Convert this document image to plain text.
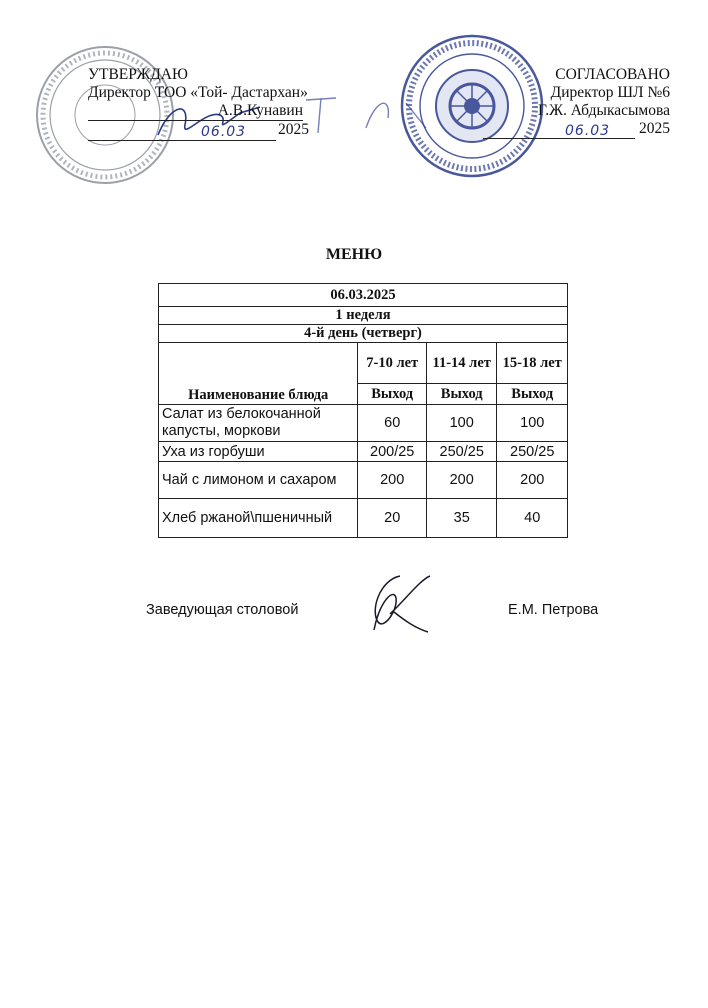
УТВЕРЖДАЮ
Директор ТОО «Той- Дастархан»
А.В.Кунавин
06.03 2025
СОГЛАСОВАНО
Директор ШЛ №6
Г.Ж. Абдыкасымова
06.03 2025
МЕНЮ
06.03.2025			
1 неделя			
4-й день (четверг)			
Наименование блюда	7-10 лет	11-14 лет	15-18 лет
	Выход	Выход	Выход
Салат из белокочанной капусты, моркови	60	100	100
Уха из горбуши	200/25	250/25	250/25
Чай с лимоном и сахаром	200	200	200
Хлеб ржаной\пшеничный	20	35	40
Заведующая столовой	Е.М. Петрова
